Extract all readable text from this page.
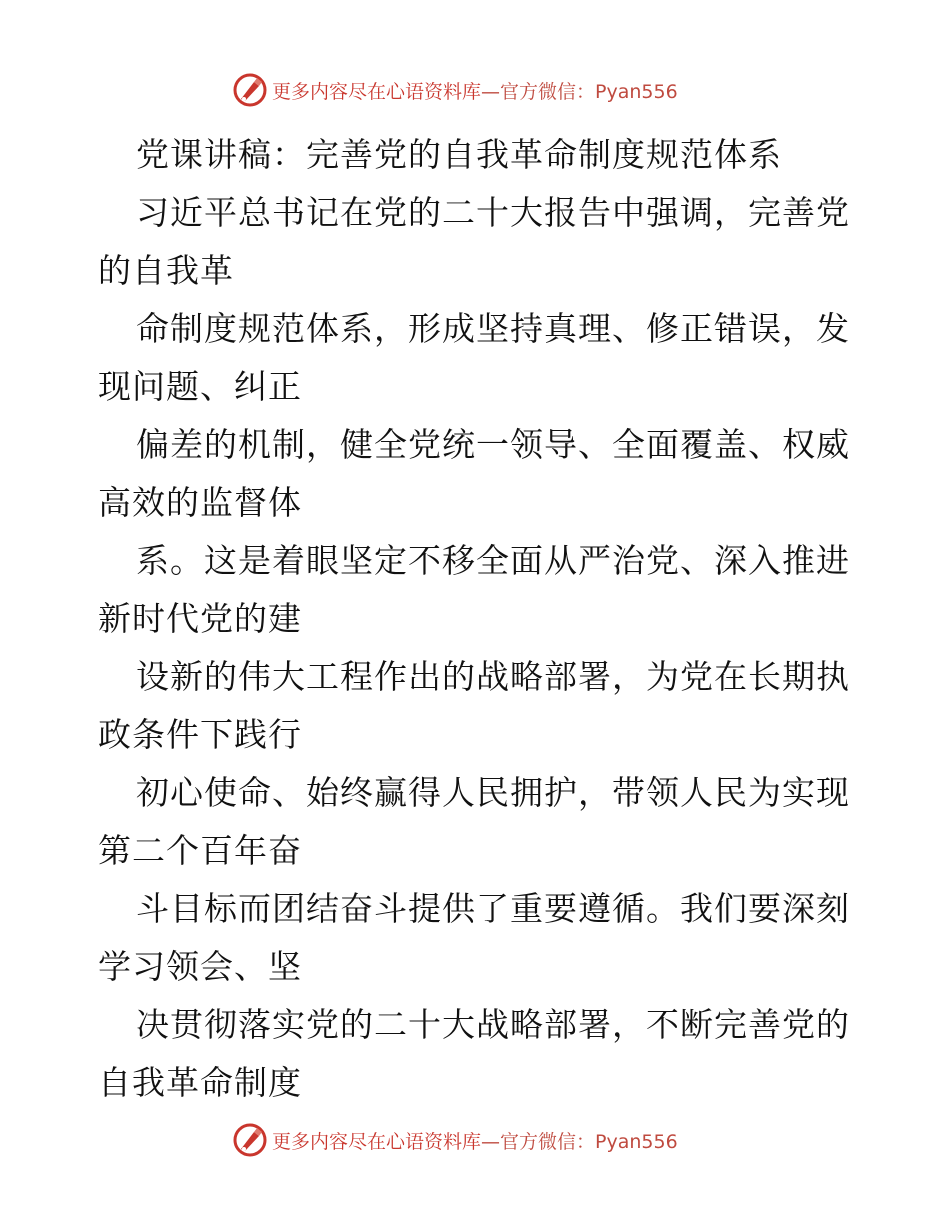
更多内容尽在心语资料库 —官方微信：Pyan556
党课讲稿：完善党的自我革命制度规范体系
习近平总书记在党的二十大报告中强调，完善党
的自我革
命制度规范体系，形成坚持真理、修正错误，发
现问题、纠正
偏差的机制，健全党统一领导、全面覆盖、权威
高效的监督体
系。这是着眼坚定不移全面从严治党、深入推进
新时代党的建
设新的伟大工程作出的战略部署，为党在长期执
政条件下践行
初心使命、始终赢得人民拥护，带领人民为实现
第二个百年奋
斗目标而团结奋斗提供了重要遵循。我们要深刻
学习领会、坚
决贯彻落实党的二十大战略部署，不断完善党的
自我革命制度
更多内容尽在心语资料库 —官方微信：Pyan556
